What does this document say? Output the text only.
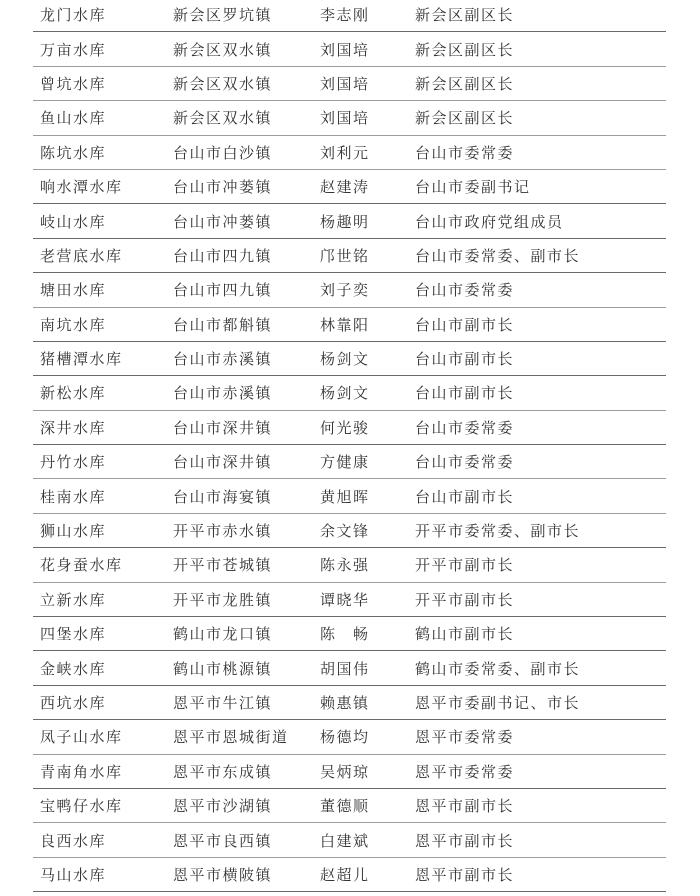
龙门水库	新会区罗坑镇	李志刚	新会区副区长
万亩水库	新会区双水镇	刘国培	新会区副区长
曾坑水库	新会区双水镇	刘国培	新会区副区长
鱼山水库	新会区双水镇	刘国培	新会区副区长
陈坑水库	台山市白沙镇	刘利元	台山市委常委
响水潭水库	台山市冲蒌镇	赵建涛	台山市委副书记
岐山水库	台山市冲蒌镇	杨趣明	台山市政府党组成员
老营底水库	台山市四九镇	邝世铭	台山市委常委、副市长
塘田水库	台山市四九镇	刘子奕	台山市委常委
南坑水库	台山市都斛镇	林靠阳	台山市副市长
猪槽潭水库	台山市赤溪镇	杨剑文	台山市副市长
新松水库	台山市赤溪镇	杨剑文	台山市副市长
深井水库	台山市深井镇	何光骏	台山市委常委
丹竹水库	台山市深井镇	方健康	台山市委常委
桂南水库	台山市海宴镇	黄旭晖	台山市副市长
狮山水库	开平市赤水镇	余文锋	开平市委常委、副市长
花身蚕水库	开平市苍城镇	陈永强	开平市副市长
立新水库	开平市龙胜镇	谭晓华	开平市副市长
四堡水库	鹤山市龙口镇	陈　畅	鹤山市副市长
金峡水库	鹤山市桃源镇	胡国伟	鹤山市委常委、副市长
西坑水库	恩平市牛江镇	赖惠镇	恩平市委副书记、市长
凤子山水库	恩平市恩城街道 杨德均	恩平市委常委
青南角水库	恩平市东成镇	吴炳琼	恩平市委常委
宝鸭仔水库	恩平市沙湖镇	董德顺	恩平市副市长
良西水库	恩平市良西镇	白建斌	恩平市副市长
马山水库	恩平市横陂镇	赵超儿	恩平市副市长
